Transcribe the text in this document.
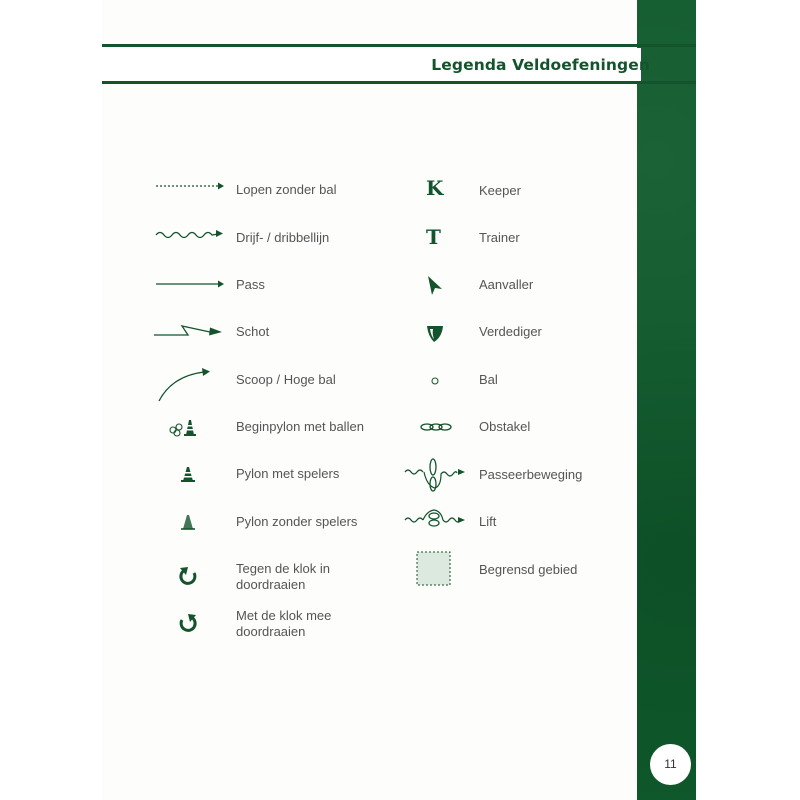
Legenda Veldoefeningen
Lopen zonder bal
Drijf- / dribbellijn
Pass
Schot
Scoop / Hoge bal
Beginpylon met ballen
Pylon met spelers
Pylon zonder spelers
Tegen de klok in
doordraaien
Met de klok mee
doordraaien
K	Keeper
T	Trainer
Aanvaller
Verdediger
Bal
Obstakel
Passeerbeweging
Lift
Begrensd gebied
11
